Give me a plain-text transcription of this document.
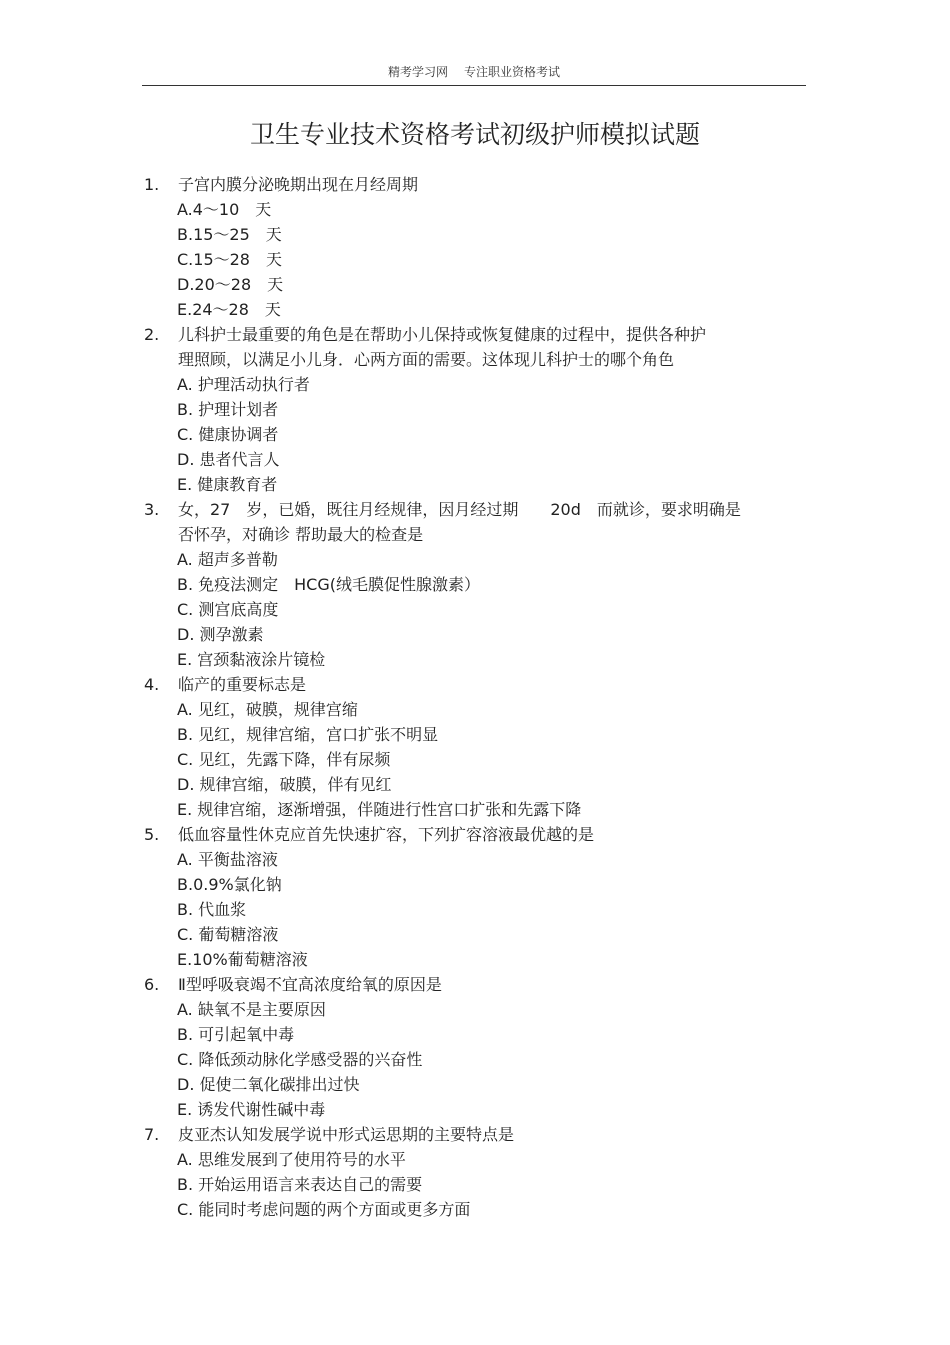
精考学习网 专注职业资格考试
卫生专业技术资格考试初级护师模拟试题
1. 子宫内膜分泌晚期出现在月经周期
A.4～10　天
B.15～25　天
C.15～28　天
D.20～28　天
E.24～28　天
2. 儿科护士最重要的角色是在帮助小儿保持或恢复健康的过程中，提供各种护
理照顾，以满足小儿身．心两方面的需要。这体现儿科护士的哪个角色
A. 护理活动执行者
B. 护理计划者
C. 健康协调者
D. 患者代言人
E. 健康教育者
3. 女，27　岁，已婚，既往月经规律，因月经过期　　20d　而就诊，要求明确是
否怀孕，对确诊 帮助最大的检查是
A. 超声多普勒
B. 免疫法测定　HCG(绒毛膜促性腺激素）
C. 测宫底高度
D. 测孕激素
E. 宫颈黏液涂片镜检
4. 临产的重要标志是
A. 见红，破膜，规律宫缩
B. 见红，规律宫缩，宫口扩张不明显
C. 见红，先露下降，伴有尿频
D. 规律宫缩，破膜，伴有见红
E. 规律宫缩，逐渐增强，伴随进行性宫口扩张和先露下降
5. 低血容量性休克应首先快速扩容，下列扩容溶液最优越的是
A. 平衡盐溶液
B.0.9%氯化钠
B. 代血浆
C. 葡萄糖溶液
E.10%葡萄糖溶液
6. Ⅱ型呼吸衰竭不宜高浓度给氧的原因是
A. 缺氧不是主要原因
B. 可引起氧中毒
C. 降低颈动脉化学感受器的兴奋性
D. 促使二氧化碳排出过快
E. 诱发代谢性碱中毒
7. 皮亚杰认知发展学说中形式运思期的主要特点是
A. 思维发展到了使用符号的水平
B. 开始运用语言来表达自己的需要
C. 能同时考虑问题的两个方面或更多方面
